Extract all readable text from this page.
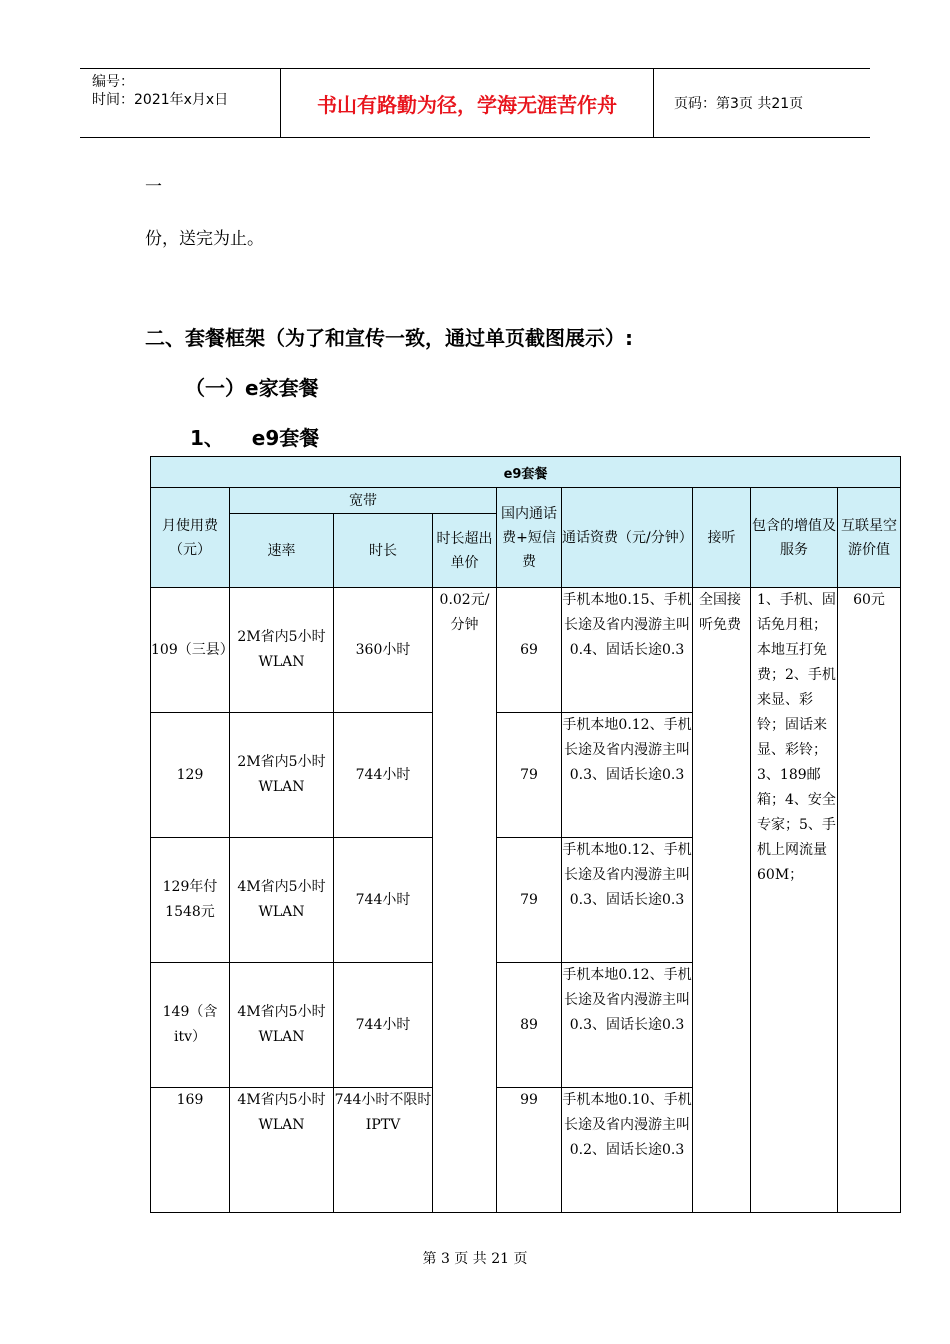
编号：
时间：2021年x月x日	书山有路勤为径，学海无涯苦作舟	页码：第3页 共21页
一
份，送完为止。
二、套餐框架（为了和宣传一致，通过单页截图展示）:
（一）e家套餐
1、    e9套餐
e9套餐								
月使用费（元）	宽带			国内通话费+短信费	通话资费（元/分钟）	接听	包含的增值及服务	互联星空游价值
	速率	时长	时长超出单价					
109（三县）	2M省内5小时WLAN	360小时	0.02元/分钟	69	手机本地0.15、手机长途及省内漫游主叫0.4、固话长途0.3	全国接听免费	1、手机、固话免月租；本地互打免费；2、手机来显、彩铃；固话来显、彩铃；3、189邮箱；4、安全专家；5、手机上网流量60M；	60元
129	2M省内5小时WLAN	744小时		79	手机本地0.12、手机长途及省内漫游主叫0.3、固话长途0.3			
129年付1548元	4M省内5小时WLAN	744小时		79	手机本地0.12、手机长途及省内漫游主叫0.3、固话长途0.3			
149（含itv）	4M省内5小时WLAN	744小时		89	手机本地0.12、手机长途及省内漫游主叫0.3、固话长途0.3			
169	4M省内5小时WLAN	744小时不限时IPTV		99	手机本地0.10、手机长途及省内漫游主叫0.2、固话长途0.3			
第 3 页 共 21 页
